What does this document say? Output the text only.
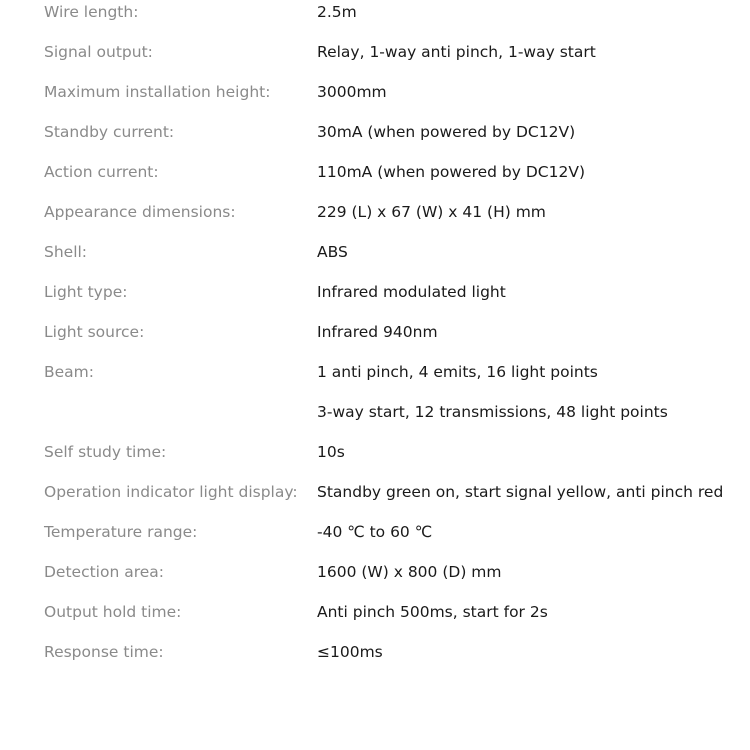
Wire length:	2.5m
Signal output:	Relay, 1-way anti pinch, 1-way start
Maximum installation height:	3000mm
Standby current:	30mA (when powered by DC12V)
Action current:	110mA (when powered by DC12V)
Appearance dimensions:	229 (L) x 67 (W) x 41 (H) mm
Shell:	ABS
Light type:	Infrared modulated light
Light source:	Infrared 940nm
Beam:	1 anti pinch, 4 emits, 16 light points
3-way start, 12 transmissions, 48 light points
Self study time:	10s
Operation indicator light display: Standby green on, start signal yellow, anti pinch red
Temperature range:	-40 ℃ to 60 ℃
Detection area:	1600 (W) x 800 (D) mm
Output hold time:	Anti pinch 500ms, start for 2s
Response time:	≤100ms
